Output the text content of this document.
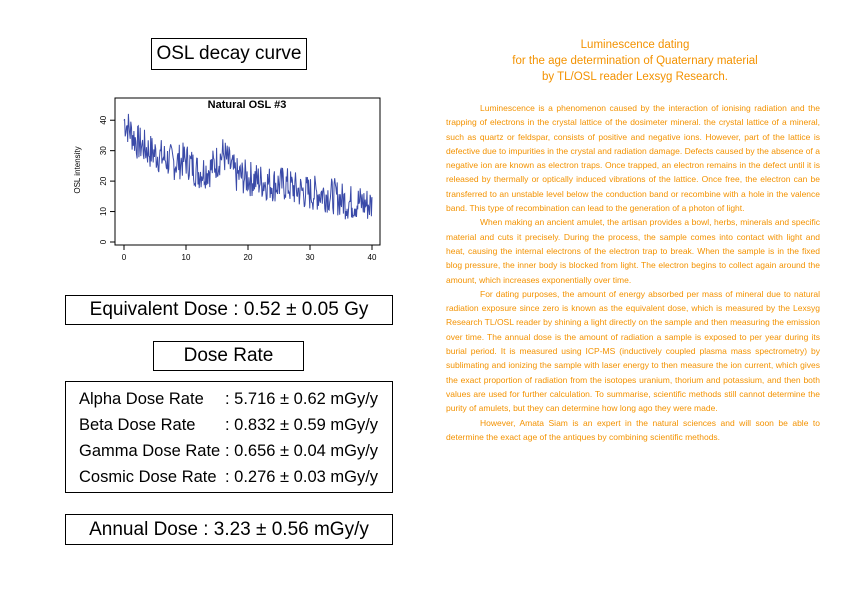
OSL decay curve
Natural OSL #3
OSL intensity
0	10	20	30	40
0
10
20
30
40
Equivalent Dose : 0.52 ± 0.05 Gy
Dose Rate
Alpha Dose Rate : 5.716 ± 0.62 mGy/y
Beta Dose Rate : 0.832 ± 0.59 mGy/y
Gamma Dose Rate : 0.656 ± 0.04 mGy/y
Cosmic Dose Rate : 0.276 ± 0.03 mGy/y
Annual Dose : 3.23 ± 0.56 mGy/y
Luminescence dating
for the age determination of Quaternary material
by TL/OSL reader Lexsyg Research.

Luminescence is a phenomenon caused by the interaction of ionising radiation and the trapping of electrons in the crystal lattice of the dosimeter mineral. the crystal lattice of a mineral, such as quartz or feldspar, consists of positive and negative ions. However, part of the lattice is defective due to impurities in the crystal and radiation damage. Defects caused by the absence of a negative ion are known as electron traps. Once trapped, an electron remains in the defect until it is released by thermally or optically induced vibrations of the lattice. Once free, the electron can be transferred to an unstable level below the conduction band or recombine with a hole in the valence band. This type of recombination can lead to the generation of a photon of light.

When making an ancient amulet, the artisan provides a bowl, herbs, minerals and specific material and cuts it precisely. During the process, the sample comes into contact with light and heat, causing the internal electrons of the electron trap to break. When the sample is in the fixed blog pressure, the inner body is blocked from light. The electron begins to collect again around the amount, which increases exponentially over time.

For dating purposes, the amount of energy absorbed per mass of mineral due to natural radiation exposure since zero is known as the equivalent dose, which is measured by the Lexsyg Research TL/OSL reader by shining a light directly on the sample and then measuring the emission over time. The annual dose is the amount of radiation a sample is exposed to per year during its burial period. It is measured using ICP-MS (inductively coupled plasma mass spectrometry) by sublimating and ionizing the sample with laser energy to then measure the ion current, which gives the exact proportion of radiation from the isotopes uranium, thorium and potassium, and then both values are used for further calculation. To summarise, scientific methods still cannot determine the purity of amulets, but they can determine how long ago they were made.

However, Amata Siam is an expert in the natural sciences and will soon be able to determine the exact age of the antiques by combining scientific methods.
